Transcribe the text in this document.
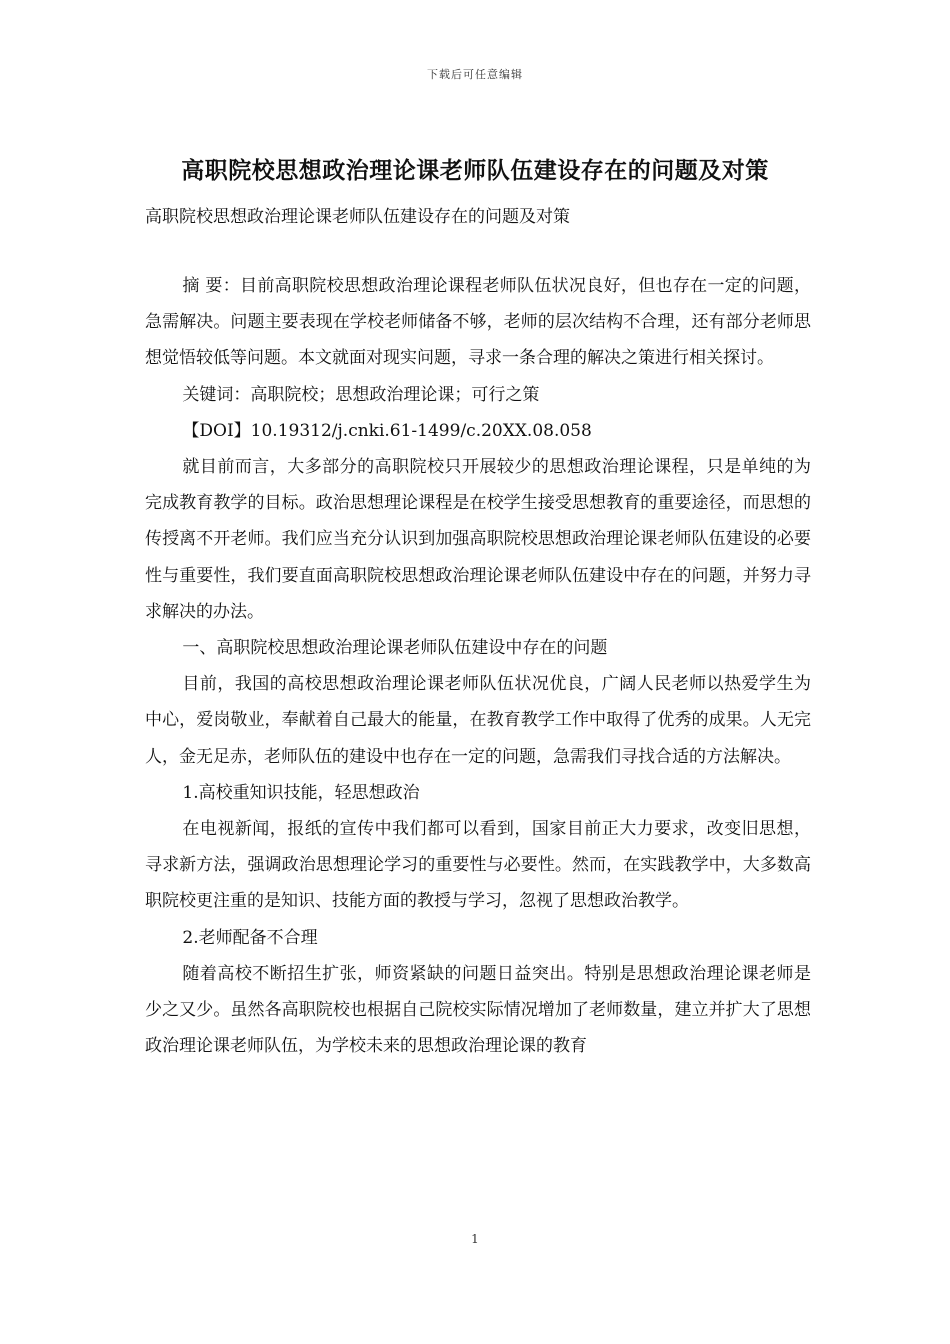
下载后可任意编辑
高职院校思想政治理论课老师队伍建设存在的问题及对策

高职院校思想政治理论课老师队伍建设存在的问题及对策

摘 要：目前高职院校思想政治理论课程老师队伍状况良好，但也存在一定的问题，急需解决。问题主要表现在学校老师储备不够，老师的层次结构不合理，还有部分老师思想觉悟较低等问题。本文就面对现实问题，寻求一条合理的解决之策进行相关探讨。

关键词：高职院校；思想政治理论课；可行之策

【DOI】10.19312/j.cnki.61-1499/c.20XX.08.058

就目前而言，大多部分的高职院校只开展较少的思想政治理论课程，只是单纯的为完成教育教学的目标。政治思想理论课程是在校学生接受思想教育的重要途径，而思想的传授离不开老师。我们应当充分认识到加强高职院校思想政治理论课老师队伍建设的必要性与重要性，我们要直面高职院校思想政治理论课老师队伍建设中存在的问题，并努力寻求解决的办法。

一、高职院校思想政治理论课老师队伍建设中存在的问题

目前，我国的高校思想政治理论课老师队伍状况优良，广阔人民老师以热爱学生为中心，爱岗敬业，奉献着自己最大的能量，在教育教学工作中取得了优秀的成果。人无完人，金无足赤，老师队伍的建设中也存在一定的问题，急需我们寻找合适的方法解决。

1.高校重知识技能，轻思想政治

在电视新闻，报纸的宣传中我们都可以看到，国家目前正大力要求，改变旧思想，寻求新方法，强调政治思想理论学习的重要性与必要性。然而，在实践教学中，大多数高职院校更注重的是知识、技能方面的教授与学习，忽视了思想政治教学。

2.老师配备不合理

随着高校不断招生扩张，师资紧缺的问题日益突出。特别是思想政治理论课老师是少之又少。虽然各高职院校也根据自己院校实际情况增加了老师数量，建立并扩大了思想政治理论课老师队伍，为学校未来的思想政治理论课的教育

1
